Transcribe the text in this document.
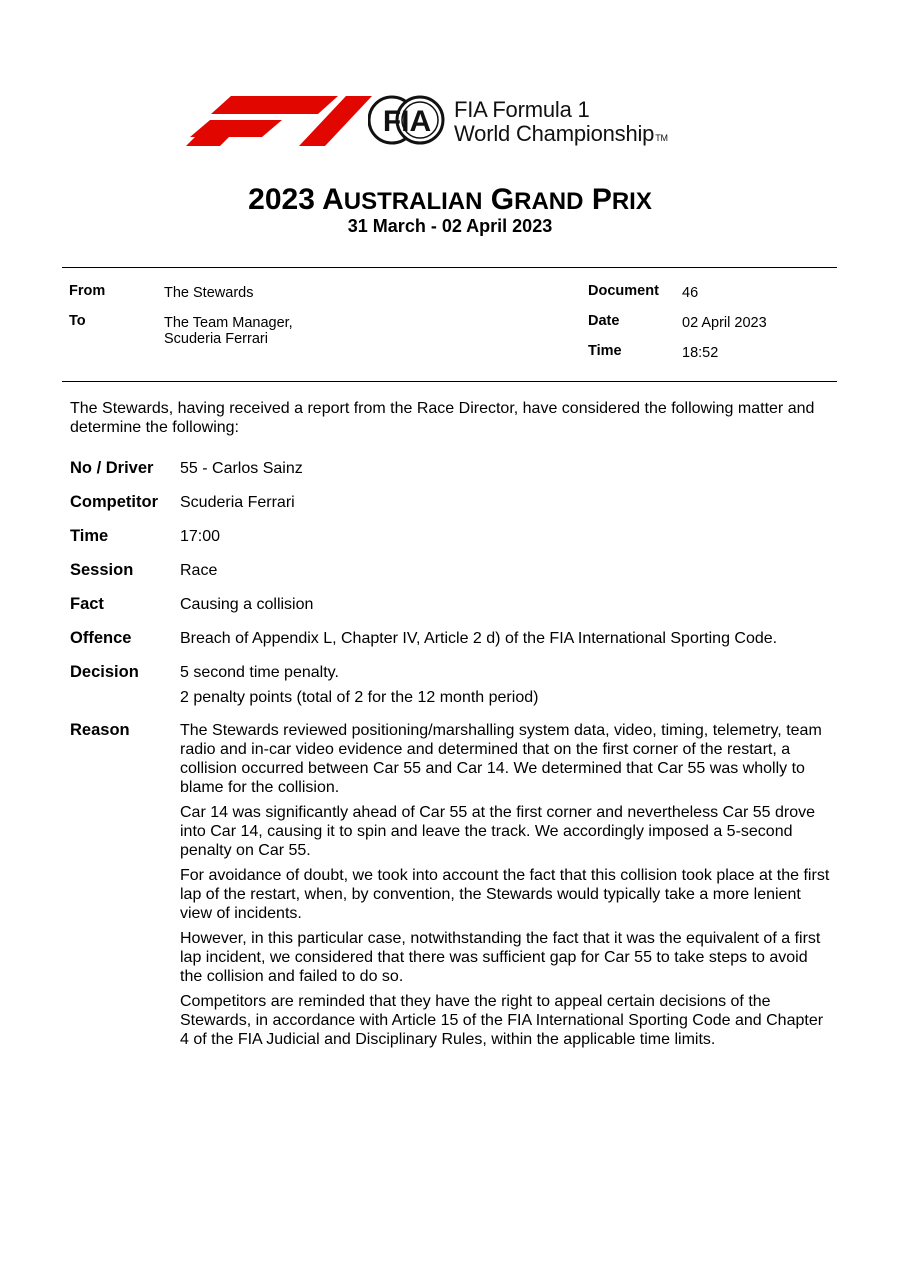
FIA FIA Formula 1
World ChampionshipTM
2023 AUSTRALIAN GRAND PRIX
31 March - 02 April 2023
From	The Stewards
To	The Team Manager,
Scuderia Ferrari
Document 46
Date	02 April 2023
Time	18:52
The Stewards, having received a report from the Race Director, have considered the following matter and determine the following:
No / Driver	55 - Carlos Sainz
Competitor	Scuderia Ferrari
Time	17:00
Session	Race
Fact	Causing a collision
Offence	Breach of Appendix L, Chapter IV, Article 2 d) of the FIA International Sporting Code.
Decision	5 second time penalty.

2 penalty points (total of 2 for the 12 month period)

Reason	The Stewards reviewed positioning/marshalling system data, video, timing, telemetry, team radio and in-car video evidence and determined that on the first corner of the restart, a collision occurred between Car 55 and Car 14. We determined that Car 55 was wholly to blame for the collision.

Car 14 was significantly ahead of Car 55 at the first corner and nevertheless Car 55 drove into Car 14, causing it to spin and leave the track. We accordingly imposed a 5-second penalty on Car 55.

For avoidance of doubt, we took into account the fact that this collision took place at the first lap of the restart, when, by convention, the Stewards would typically take a more lenient view of incidents.

However, in this particular case, notwithstanding the fact that it was the equivalent of a first lap incident, we considered that there was sufficient gap for Car 55 to take steps to avoid the collision and failed to do so.

Competitors are reminded that they have the right to appeal certain decisions of the Stewards, in accordance with Article 15 of the FIA International Sporting Code and Chapter 4 of the FIA Judicial and Disciplinary Rules, within the applicable time limits.
